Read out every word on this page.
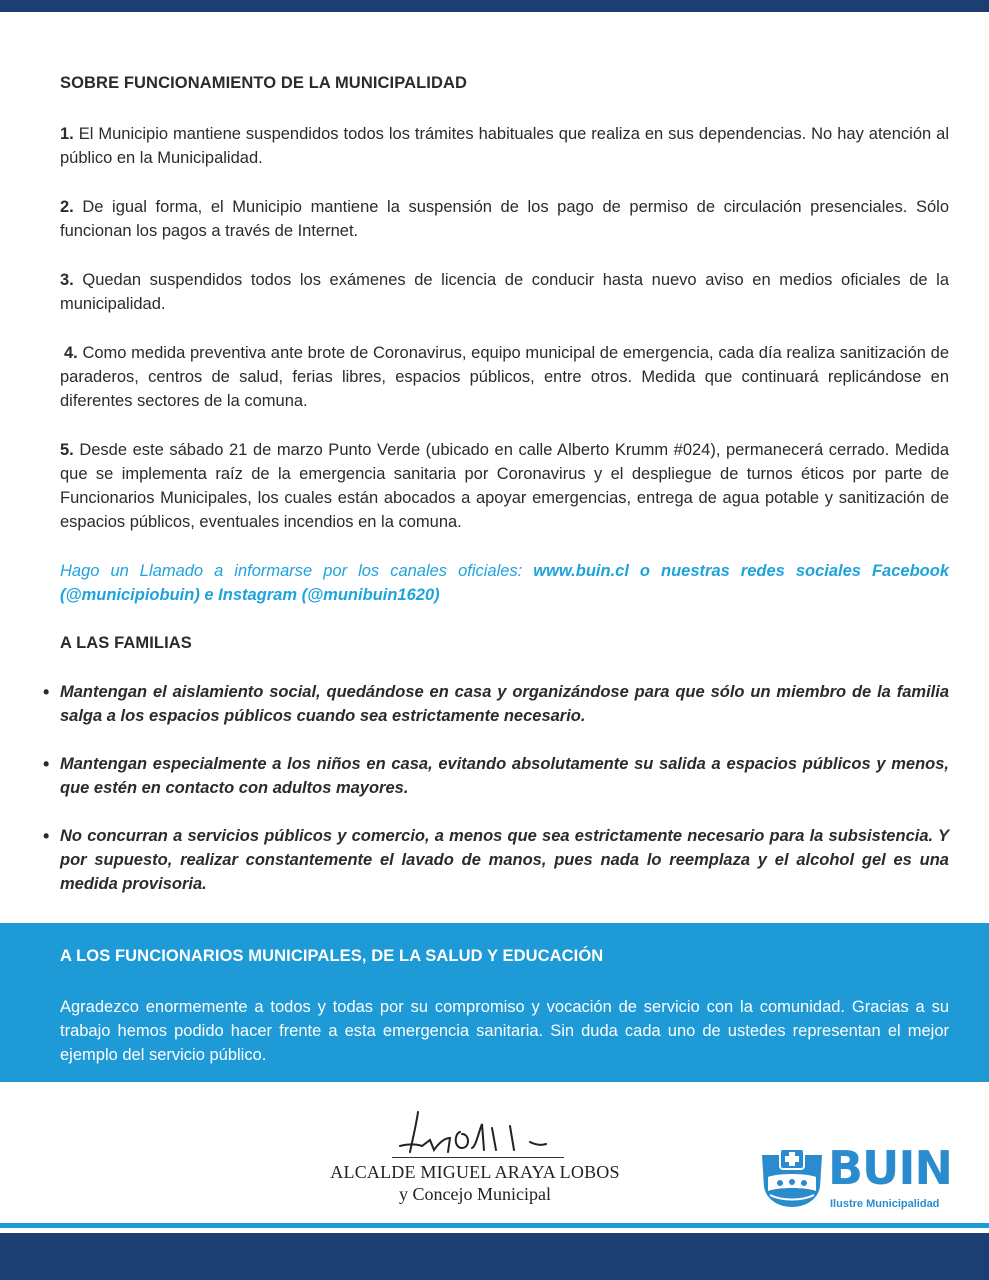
SOBRE FUNCIONAMIENTO DE LA MUNICIPALIDAD

1. El Municipio mantiene suspendidos todos los trámites habituales que realiza en sus dependencias. No hay atención al público en la Municipalidad.

2. De igual forma, el Municipio mantiene la suspensión de los pago de permiso de circulación presenciales. Sólo funcionan los pagos a través de Internet.

3. Quedan suspendidos todos los exámenes de licencia de conducir hasta nuevo aviso en medios oficiales de la municipalidad.

4. Como medida preventiva ante brote de Coronavirus, equipo municipal de emergencia, cada día realiza sanitización de paraderos, centros de salud, ferias libres, espacios públicos, entre otros. Medida que continuará replicándose en diferentes sectores de la comuna.

5. Desde este sábado 21 de marzo Punto Verde (ubicado en calle Alberto Krumm #024), permanecerá cerrado. Medida que se implementa raíz de la emergencia sanitaria por Coronavirus y el despliegue de turnos éticos por parte de Funcionarios Municipales, los cuales están abocados a apoyar emergencias, entrega de agua potable y sanitización de espacios públicos, eventuales incendios en la comuna.

Hago un Llamado a informarse por los canales oficiales: www.buin.cl o nuestras redes sociales Facebook (@municipiobuin) e Instagram (@munibuin1620)

A LAS FAMILIAS

• Mantengan el aislamiento social, quedándose en casa y organizándose para que sólo un miembro de la familia salga a los espacios públicos cuando sea estrictamente necesario.

• Mantengan especialmente a los niños en casa, evitando absolutamente su salida a espacios públicos y menos, que estén en contacto con adultos mayores.

• No concurran a servicios públicos y comercio, a menos que sea estrictamente necesario para la subsistencia. Y por supuesto, realizar constantemente el lavado de manos, pues nada lo reemplaza y el alcohol gel es una medida provisoria.

A LOS FUNCIONARIOS MUNICIPALES, DE LA SALUD Y EDUCACIÓN

Agradezco enormemente a todos y todas por su compromiso y vocación de servicio con la comunidad. Gracias a su trabajo hemos podido hacer frente a esta emergencia sanitaria. Sin duda cada uno de ustedes representan el mejor ejemplo del servicio público.

ALCALDE MIGUEL ARAYA LOBOS
y Concejo Municipal	BUIN
Ilustre Municipalidad
